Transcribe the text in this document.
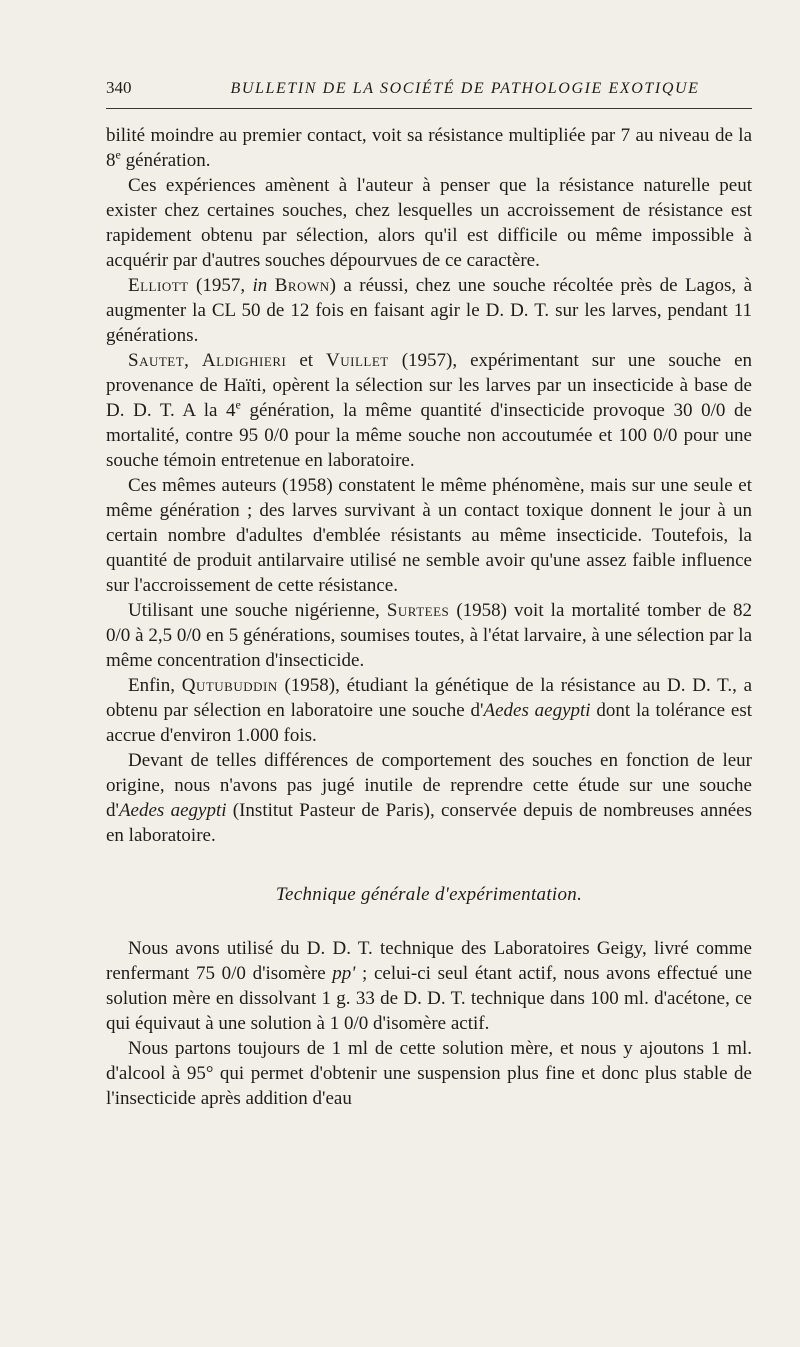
340	BULLETIN DE LA SOCIÉTÉ DE PATHOLOGIE EXOTIQUE

bilité moindre au premier contact, voit sa résistance multipliée par 7 au niveau de la 8e génération.

Ces expériences amènent à l'auteur à penser que la résistance naturelle peut exister chez certaines souches, chez lesquelles un accroissement de résistance est rapidement obtenu par sélection, alors qu'il est difficile ou même impossible à acquérir par d'autres souches dépourvues de ce caractère.

Elliott (1957, in Brown) a réussi, chez une souche récoltée près de Lagos, à augmenter la CL 50 de 12 fois en faisant agir le D. D. T. sur les larves, pendant 11 générations.

Sautet, Aldighieri et Vuillet (1957), expérimentant sur une souche en provenance de Haïti, opèrent la sélection sur les larves par un insecticide à base de D. D. T. A la 4e génération, la même quantité d'insecticide provoque 30 0/0 de mortalité, contre 95 0/0 pour la même souche non accoutumée et 100 0/0 pour une souche témoin entretenue en laboratoire.

Ces mêmes auteurs (1958) constatent le même phénomène, mais sur une seule et même génération ; des larves survivant à un contact toxique donnent le jour à un certain nombre d'adultes d'emblée résistants au même insecticide. Toutefois, la quantité de produit antilarvaire utilisé ne semble avoir qu'une assez faible influence sur l'accroissement de cette résistance.

Utilisant une souche nigérienne, Surtees (1958) voit la mortalité tomber de 82 0/0 à 2,5 0/0 en 5 générations, soumises toutes, à l'état larvaire, à une sélection par la même concentration d'insecticide.

Enfin, Qutubuddin (1958), étudiant la génétique de la résistance au D. D. T., a obtenu par sélection en laboratoire une souche d'Aedes aegypti dont la tolérance est accrue d'environ 1.000 fois.

Devant de telles différences de comportement des souches en fonction de leur origine, nous n'avons pas jugé inutile de reprendre cette étude sur une souche d'Aedes aegypti (Institut Pasteur de Paris), conservée depuis de nombreuses années en laboratoire.

Technique générale d'expérimentation.

Nous avons utilisé du D. D. T. technique des Laboratoires Geigy, livré comme renfermant 75 0/0 d'isomère pp' ; celui-ci seul étant actif, nous avons effectué une solution mère en dissolvant 1 g. 33 de D. D. T. technique dans 100 ml. d'acétone, ce qui équivaut à une solution à 1 0/0 d'isomère actif.

Nous partons toujours de 1 ml de cette solution mère, et nous y ajoutons 1 ml. d'alcool à 95° qui permet d'obtenir une suspension plus fine et donc plus stable de l'insecticide après addition d'eau
